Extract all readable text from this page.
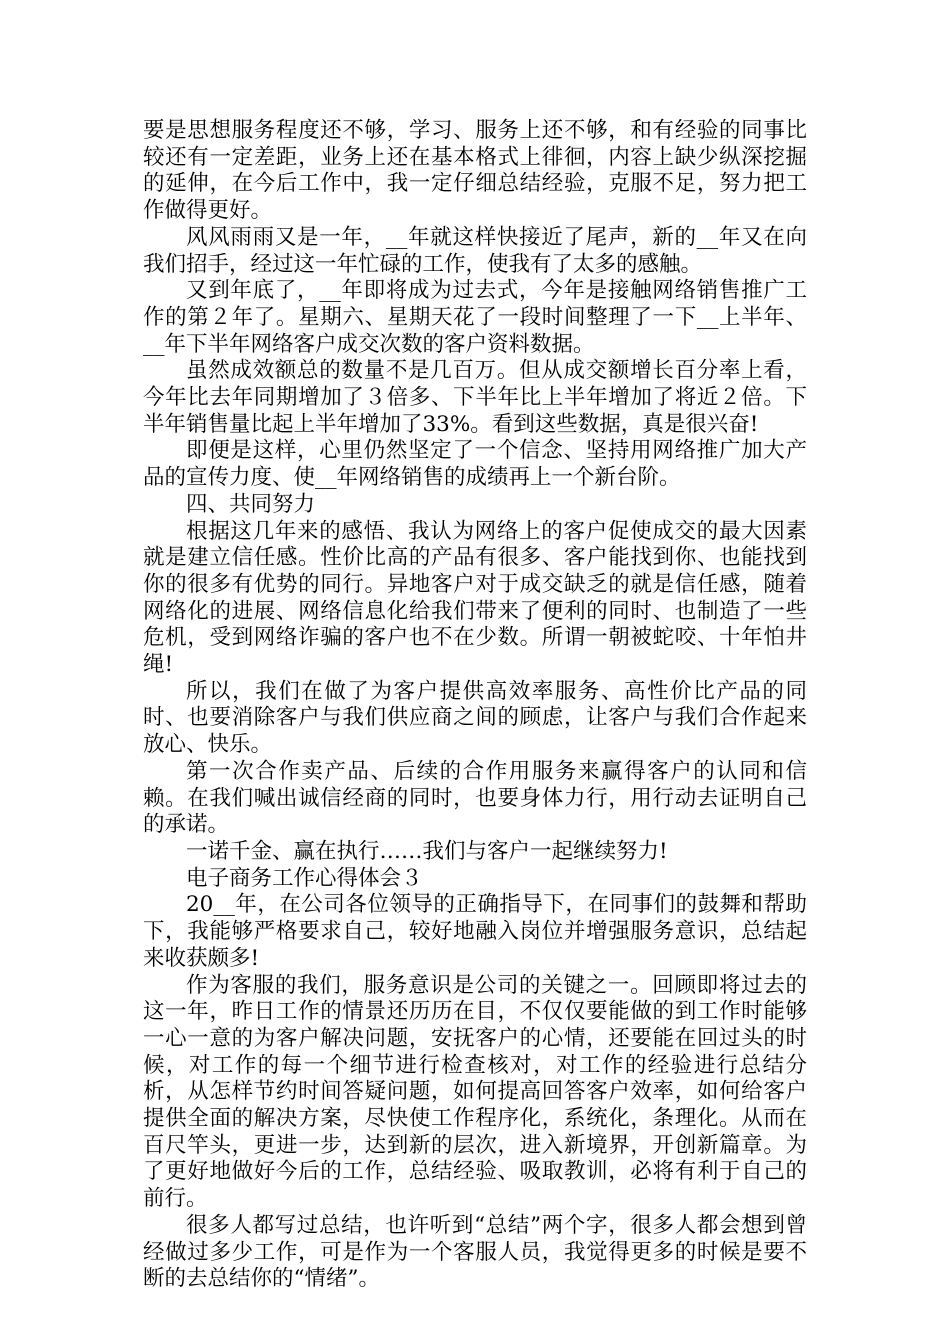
要是思想服务程度还不够，学习、服务上还不够，和有经验的同事比较还有一定差距，业务上还在基本格式上徘徊，内容上缺少纵深挖掘的延伸，在今后工作中，我一定仔细总结经验，克服不足，努力把工作做得更好。

风风雨雨又是一年，__年就这样快接近了尾声，新的__年又在向我们招手，经过这一年忙碌的工作，使我有了太多的感触。

又到年底了，__年即将成为过去式，今年是接触网络销售推广工作的第２年了。星期六、星期天花了一段时间整理了一下__上半年、__年下半年网络客户成交次数的客户资料数据。

虽然成效额总的数量不是几百万。但从成交额增长百分率上看，今年比去年同期增加了３倍多、下半年比上半年增加了将近２倍。下半年销售量比起上半年增加了33%。看到这些数据，真是很兴奋!

即便是这样，心里仍然坚定了一个信念、坚持用网络推广加大产品的宣传力度、使__年网络销售的成绩再上一个新台阶。

四、共同努力

根据这几年来的感悟、我认为网络上的客户促使成交的最大因素就是建立信任感。性价比高的产品有很多、客户能找到你、也能找到你的很多有优势的同行。异地客户对于成交缺乏的就是信任感，随着网络化的进展、网络信息化给我们带来了便利的同时、也制造了一些危机，受到网络诈骗的客户也不在少数。所谓一朝被蛇咬、十年怕井绳!

所以，我们在做了为客户提供高效率服务、高性价比产品的同时、也要消除客户与我们供应商之间的顾虑，让客户与我们合作起来放心、快乐。

第一次合作卖产品、后续的合作用服务来赢得客户的认同和信赖。在我们喊出诚信经商的同时，也要身体力行，用行动去证明自己的承诺。

一诺千金、赢在执行……我们与客户一起继续努力!

电子商务工作心得体会３

20__年，在公司各位领导的正确指导下，在同事们的鼓舞和帮助下，我能够严格要求自己，较好地融入岗位并增强服务意识，总结起来收获颇多!

作为客服的我们，服务意识是公司的关键之一。回顾即将过去的这一年，昨日工作的情景还历历在目，不仅仅要能做的到工作时能够一心一意的为客户解决问题，安抚客户的心情，还要能在回过头的时候，对工作的每一个细节进行检查核对，对工作的经验进行总结分析，从怎样节约时间答疑问题，如何提高回答客户效率，如何给客户提供全面的解决方案，尽快使工作程序化，系统化，条理化。从而在百尺竿头，更进一步，达到新的层次，进入新境界，开创新篇章。为了更好地做好今后的工作，总结经验、吸取教训，必将有利于自己的前行。

很多人都写过总结，也许听到“总结”两个字，很多人都会想到曾经做过多少工作，可是作为一个客服人员，我觉得更多的时候是要不断的去总结你的“情绪”。
